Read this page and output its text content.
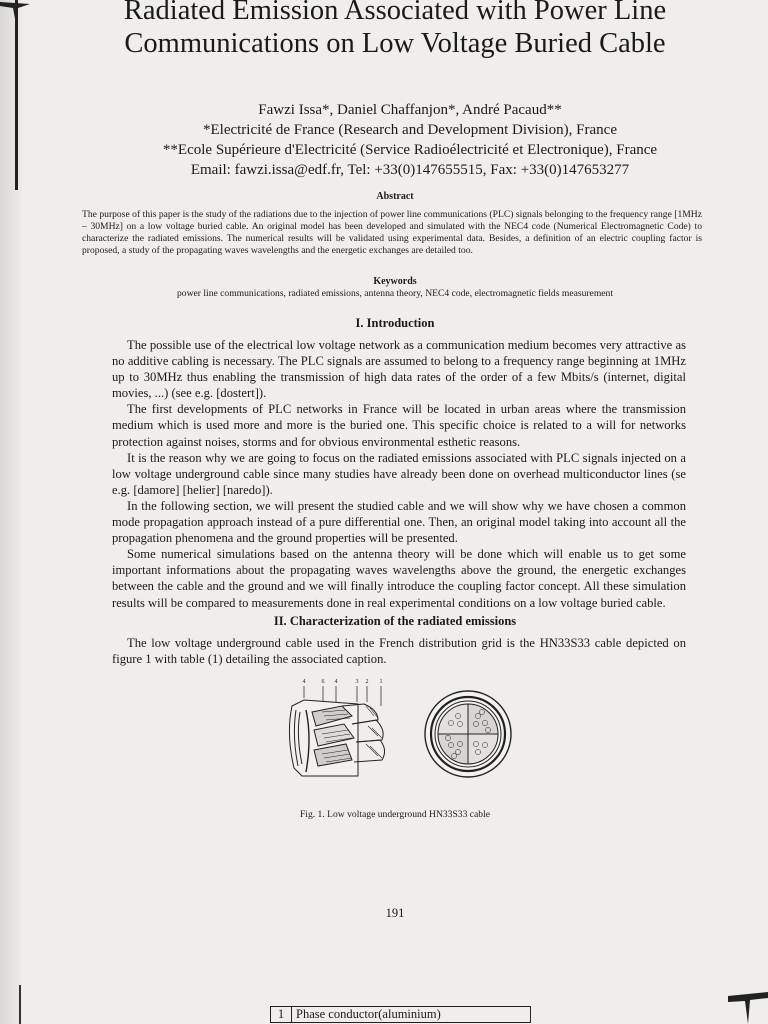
Radiated Emission Associated with Power Line Communications on Low Voltage Buried Cable
Fawzi Issa*, Daniel Chaffanjon*, André Pacaud**
*Electricité de France (Research and Development Division), France
**Ecole Supérieure d'Electricité (Service Radioélectricité et Electronique), France
Email: fawzi.issa@edf.fr, Tel: +33(0)147655515, Fax: +33(0)147653277
Abstract

The purpose of this paper is the study of the radiations due to the injection of power line communications (PLC) signals belonging to the frequency range [1MHz – 30MHz] on a low voltage buried cable. An original model has been developed and simulated with the NEC4 code (Numerical Electromagnetic Code) to characterize the radiated emissions. The numerical results will be validated using experimental data. Besides, a definition of an electric coupling factor is proposed, a study of the propagating waves wavelengths and the energetic exchanges are detailed too.

Keywords
power line communications, radiated emissions, antenna theory, NEC4 code, electromagnetic fields measurement
I. Introduction

The possible use of the electrical low voltage network as a communication medium becomes very attractive as no additive cabling is necessary. The PLC signals are assumed to belong to a frequency range beginning at 1MHz up to 30MHz thus enabling the transmission of high data rates of the order of a few Mbits/s (internet, digital movies, ...) (see e.g. [dostert]).

The first developments of PLC networks in France will be located in urban areas where the transmission medium which is used more and more is the buried one. This specific choice is related to a will for networks protection against noises, storms and for obvious environmental esthetic reasons.

It is the reason why we are going to focus on the radiated emissions associated with PLC signals injected on a low voltage underground cable since many studies have already been done on overhead multiconductor lines (se e.g. [damore] [helier] [naredo]).

In the following section, we will present the studied cable and we will show why we have chosen a common mode propagation approach instead of a pure differential one. Then, an original model taking into account all the propagation phenomena and the ground properties will be presented.

Some numerical simulations based on the antenna theory will be done which will enable us to get some important informations about the propagating waves wavelengths above the ground, the energetic exchanges between the cable and the ground and we will finally introduce the coupling factor concept. All these simulation results will be compared to measurements done in real experimental conditions on a low voltage buried cable.

II. Characterization of the radiated emissions

The low voltage underground cable used in the French distribution grid is the HN33S33 cable depicted on figure 1 with table (1) detailing the associated caption.

4	6 4	3 2 1
Fig. 1. Low voltage underground HN33S33 cable
191
1	Phase conductor(aluminium)
